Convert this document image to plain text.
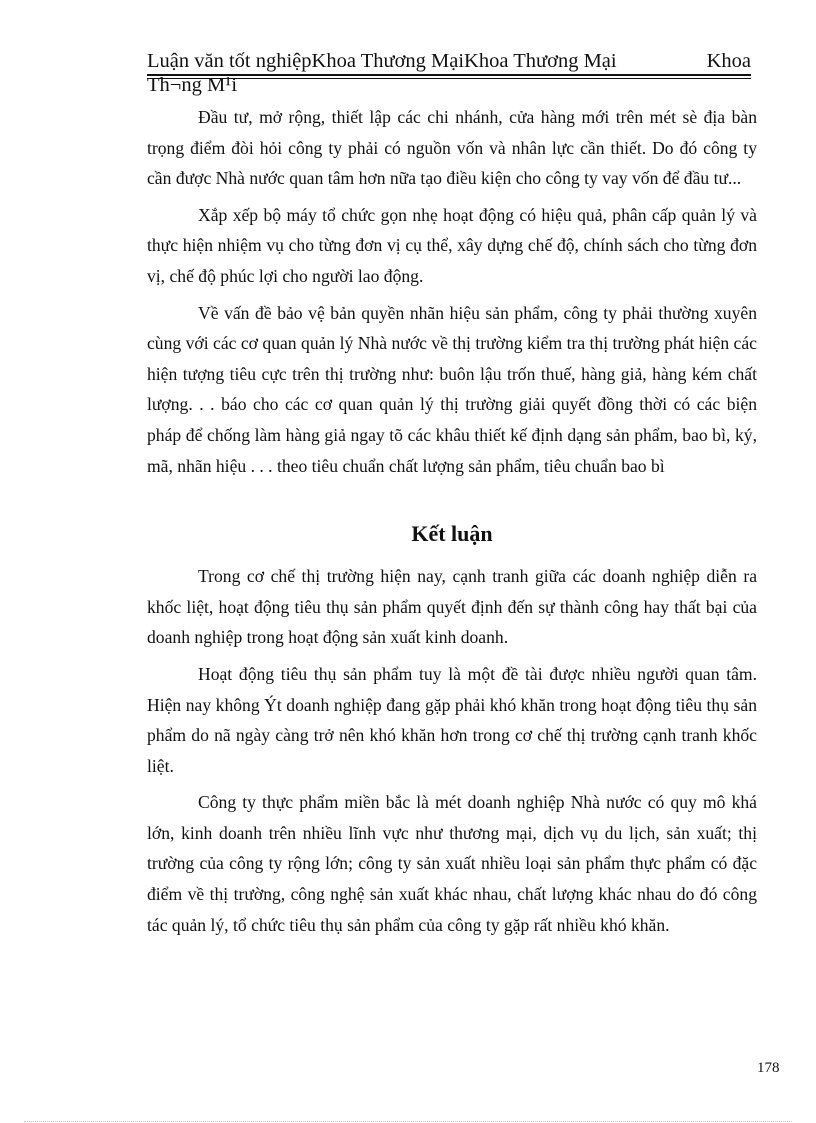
Luận văn tốt nghiệpKhoa Thương MạiKhoa Thương Mại	Khoa
Th¬ng M¹i

Đầu tư, mở rộng, thiết lập các chi nhánh, cửa hàng mới trên mét sè địa bàn trọng điểm đòi hỏi công ty phải có nguồn vốn và nhân lực cần thiết. Do đó công ty cần được Nhà nước quan tâm hơn nữa tạo điều kiện cho công ty vay vốn để đầu tư...

Xắp xếp bộ máy tổ chức gọn nhẹ hoạt động có hiệu quả, phân cấp quản lý và thực hiện nhiệm vụ cho từng đơn vị cụ thể, xây dựng chế độ, chính sách cho từng đơn vị, chế độ phúc lợi cho người lao động.

Về vấn đề bảo vệ bản quyền nhãn hiệu sản phẩm, công ty phải thường xuyên cùng với các cơ quan quản lý Nhà nước về thị trường kiểm tra thị trường phát hiện các hiện tượng tiêu cực trên thị trường như: buôn lậu trốn thuế, hàng giả, hàng kém chất lượng. . . báo cho các cơ quan quản lý thị trường giải quyết đồng thời có các biện pháp để chống làm hàng giả ngay tõ các khâu thiết kế định dạng sản phẩm, bao bì, ký, mã, nhãn hiệu . . . theo tiêu chuẩn chất lượng sản phẩm, tiêu chuẩn bao bì

Kết luận

Trong cơ chế thị trường hiện nay, cạnh tranh giữa các doanh nghiệp diễn ra khốc liệt, hoạt động tiêu thụ sản phẩm quyết định đến sự thành công hay thất bại của doanh nghiệp trong hoạt động sản xuất kinh doanh.

Hoạt động tiêu thụ sản phẩm tuy là một đề tài được nhiều người quan tâm. Hiện nay không Ýt doanh nghiệp đang gặp phải khó khăn trong hoạt động tiêu thụ sản phẩm do nã ngày càng trở nên khó khăn hơn trong cơ chế thị trường cạnh tranh khốc liệt.

Công ty thực phẩm miền bắc là mét doanh nghiệp Nhà nước có quy mô khá lớn, kinh doanh trên nhiều lĩnh vực như thương mại, dịch vụ du lịch, sản xuất; thị trường của công ty rộng lớn; công ty sản xuất nhiều loại sản phẩm thực phẩm có đặc điểm về thị trường, công nghệ sản xuất khác nhau, chất lượng khác nhau do đó công tác quản lý, tổ chức tiêu thụ sản phẩm của công ty gặp rất nhiều khó khăn.

178
